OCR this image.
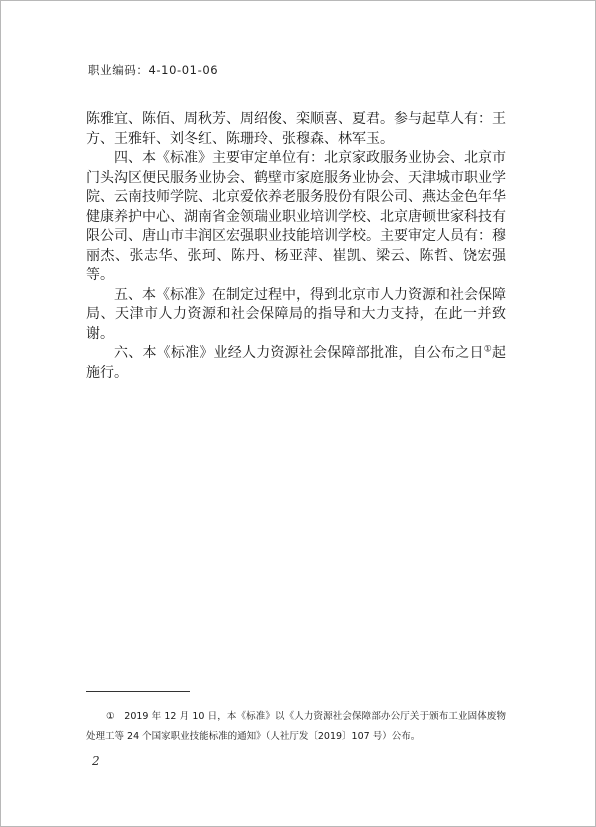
职业编码：4-10-01-06

陈雅宜、陈佰、周秋芳、周绍俊、栾顺喜、夏君。参与起草人有：王方、王雅轩、刘冬红、陈珊玲、张穆森、林军玉。

四、本《标准》主要审定单位有：北京家政服务业协会、北京市门头沟区便民服务业协会、鹤壁市家庭服务业协会、天津城市职业学院、云南技师学院、北京爱依养老服务股份有限公司、燕达金色年华健康养护中心、湖南省金领瑞业职业培训学校、北京唐顿世家科技有限公司、唐山市丰润区宏强职业技能培训学校。主要审定人员有：穆丽杰、张志华、张珂、陈丹、杨亚萍、崔凯、梁云、陈哲、饶宏强等。

五、本《标准》在制定过程中，得到北京市人力资源和社会保障局、天津市人力资源和社会保障局的指导和大力支持，在此一并致谢。

六、本《标准》业经人力资源社会保障部批准，自公布之日①起施行。

①　2019 年 12 月 10 日，本《标准》以《人力资源社会保障部办公厅关于颁布工业固体废物处理工等 24 个国家职业技能标准的通知》（人社厅发〔2019〕107 号）公布。
2
